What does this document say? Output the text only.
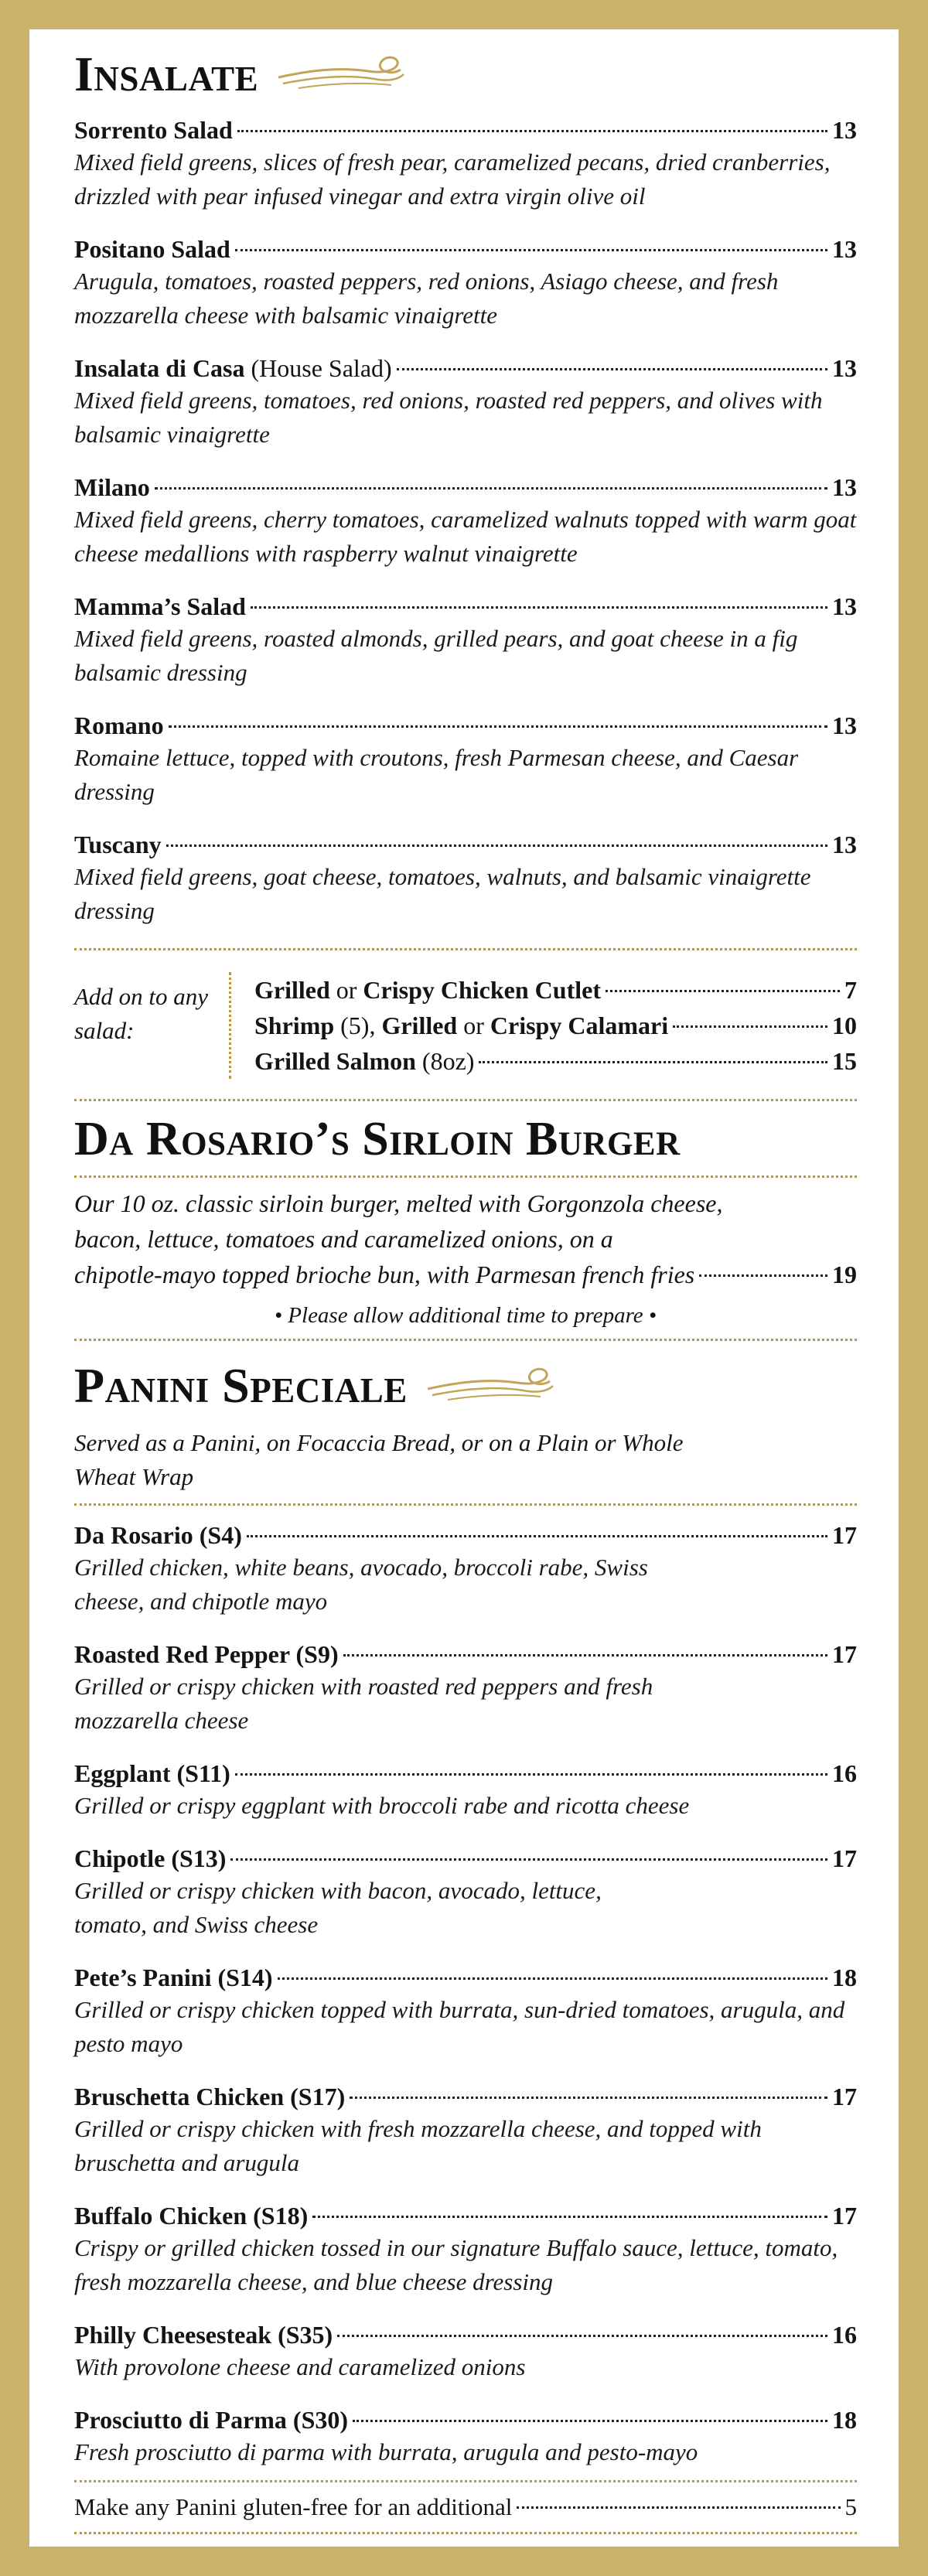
Insalate
Sorrento Salad	13
Mixed field greens, slices of fresh pear, caramelized pecans, dried cranberries, drizzled with pear infused vinegar and extra virgin olive oil
Positano Salad	13
Arugula, tomatoes, roasted peppers, red onions, Asiago cheese, and fresh mozzarella cheese with balsamic vinaigrette
Insalata di Casa (House Salad)	13
Mixed field greens, tomatoes, red onions, roasted red peppers, and olives with balsamic vinaigrette
Milano	13
Mixed field greens, cherry tomatoes, caramelized walnuts topped with warm goat cheese medallions with raspberry walnut vinaigrette
Mamma’s Salad	13
Mixed field greens, roasted almonds, grilled pears, and goat cheese in a fig balsamic dressing
Romano	13
Romaine lettuce, topped with croutons, fresh Parmesan cheese, and Caesar dressing
Tuscany	13
Mixed field greens, goat cheese, tomatoes, walnuts, and balsamic vinaigrette dressing
Add on to any salad:
Grilled or Crispy Chicken Cutlet	7
Shrimp (5), Grilled or Crispy Calamari	10
Grilled Salmon (8oz)	15
Da Rosario’s Sirloin Burger
Our 10 oz. classic sirloin burger, melted with Gorgonzola cheese,
bacon, lettuce, tomatoes and caramelized onions, on a
chipotle-mayo topped brioche bun, with Parmesan french fries	19
• Please allow additional time to prepare •
Panini Speciale
Served as a Panini, on Focaccia Bread, or on a Plain or Whole Wheat Wrap
Da Rosario (S4)	17
Grilled chicken, white beans, avocado, broccoli rabe, Swiss cheese, and chipotle mayo
Roasted Red Pepper (S9)	17
Grilled or crispy chicken with roasted red peppers and fresh mozzarella cheese
Eggplant (S11)	16
Grilled or crispy eggplant with broccoli rabe and ricotta cheese
Chipotle (S13)	17
Grilled or crispy chicken with bacon, avocado, lettuce, tomato, and Swiss cheese
Pete’s Panini (S14)	18
Grilled or crispy chicken topped with burrata, sun-dried tomatoes, arugula, and pesto mayo
Bruschetta Chicken (S17)	17
Grilled or crispy chicken with fresh mozzarella cheese, and topped with bruschetta and arugula
Buffalo Chicken (S18)	17
Crispy or grilled chicken tossed in our signature Buffalo sauce, lettuce, tomato, fresh mozzarella cheese, and blue cheese dressing
Philly Cheesesteak (S35)	16
With provolone cheese and caramelized onions
Prosciutto di Parma (S30)	18
Fresh prosciutto di parma with burrata, arugula and pesto-mayo
Make any Panini gluten-free for an additional	5
